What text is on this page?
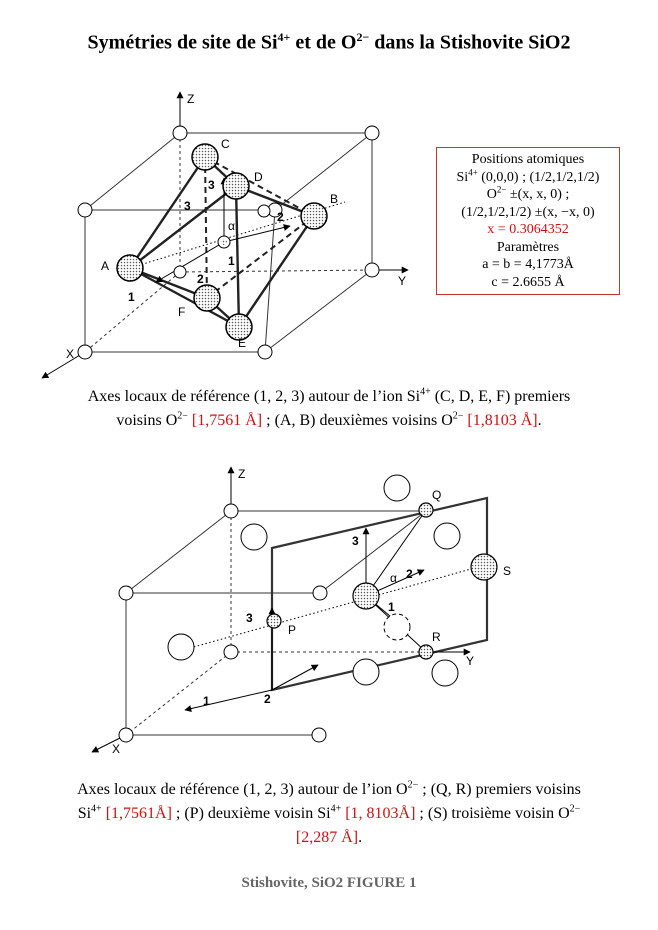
Symétries de site de $Si^{4+}$ et de $O^{2-}$ dans la Stishovite SiO2
Z
Y
X
C
D
B
A
F
E
3
3
2
2
1
1
α
Positions atomiques
$Si^{4+}$ (0,0,0) ; (1/2,1/2,1/2)
$O^{2-} \pm(x$, x, 0) ;
(1/2,1/2,1/2) ±(x, −x, 0)
x = 0.3064352
Paramètres
a = b = 4,1773Å
c = 2.6655 Å
Axes locaux de référence (1, 2, 3) autour de l’ion $Si^{4+}$ (C, D, E, F) premiers
voisins $O^{2-}$ [1,7561 Å] ; (A, B) deuxièmes voisins $O^{2-}$ [1,8103 Å].
Z
Y
X
Q
R
P
S
3
3
2
2
1
1
α
Axes locaux de référence (1, 2, 3) autour de l’ion $O^{2-}$ ; (Q, R) premiers voisins
$Si^{4+}$ [1,7561Å] ; (P) deuxième voisin $Si^{4+}$ [1, 8103Å] ; (S) troisième voisin $O^{2-}$
[2,287 Å].
Stishovite, SiO2 FIGURE 1
